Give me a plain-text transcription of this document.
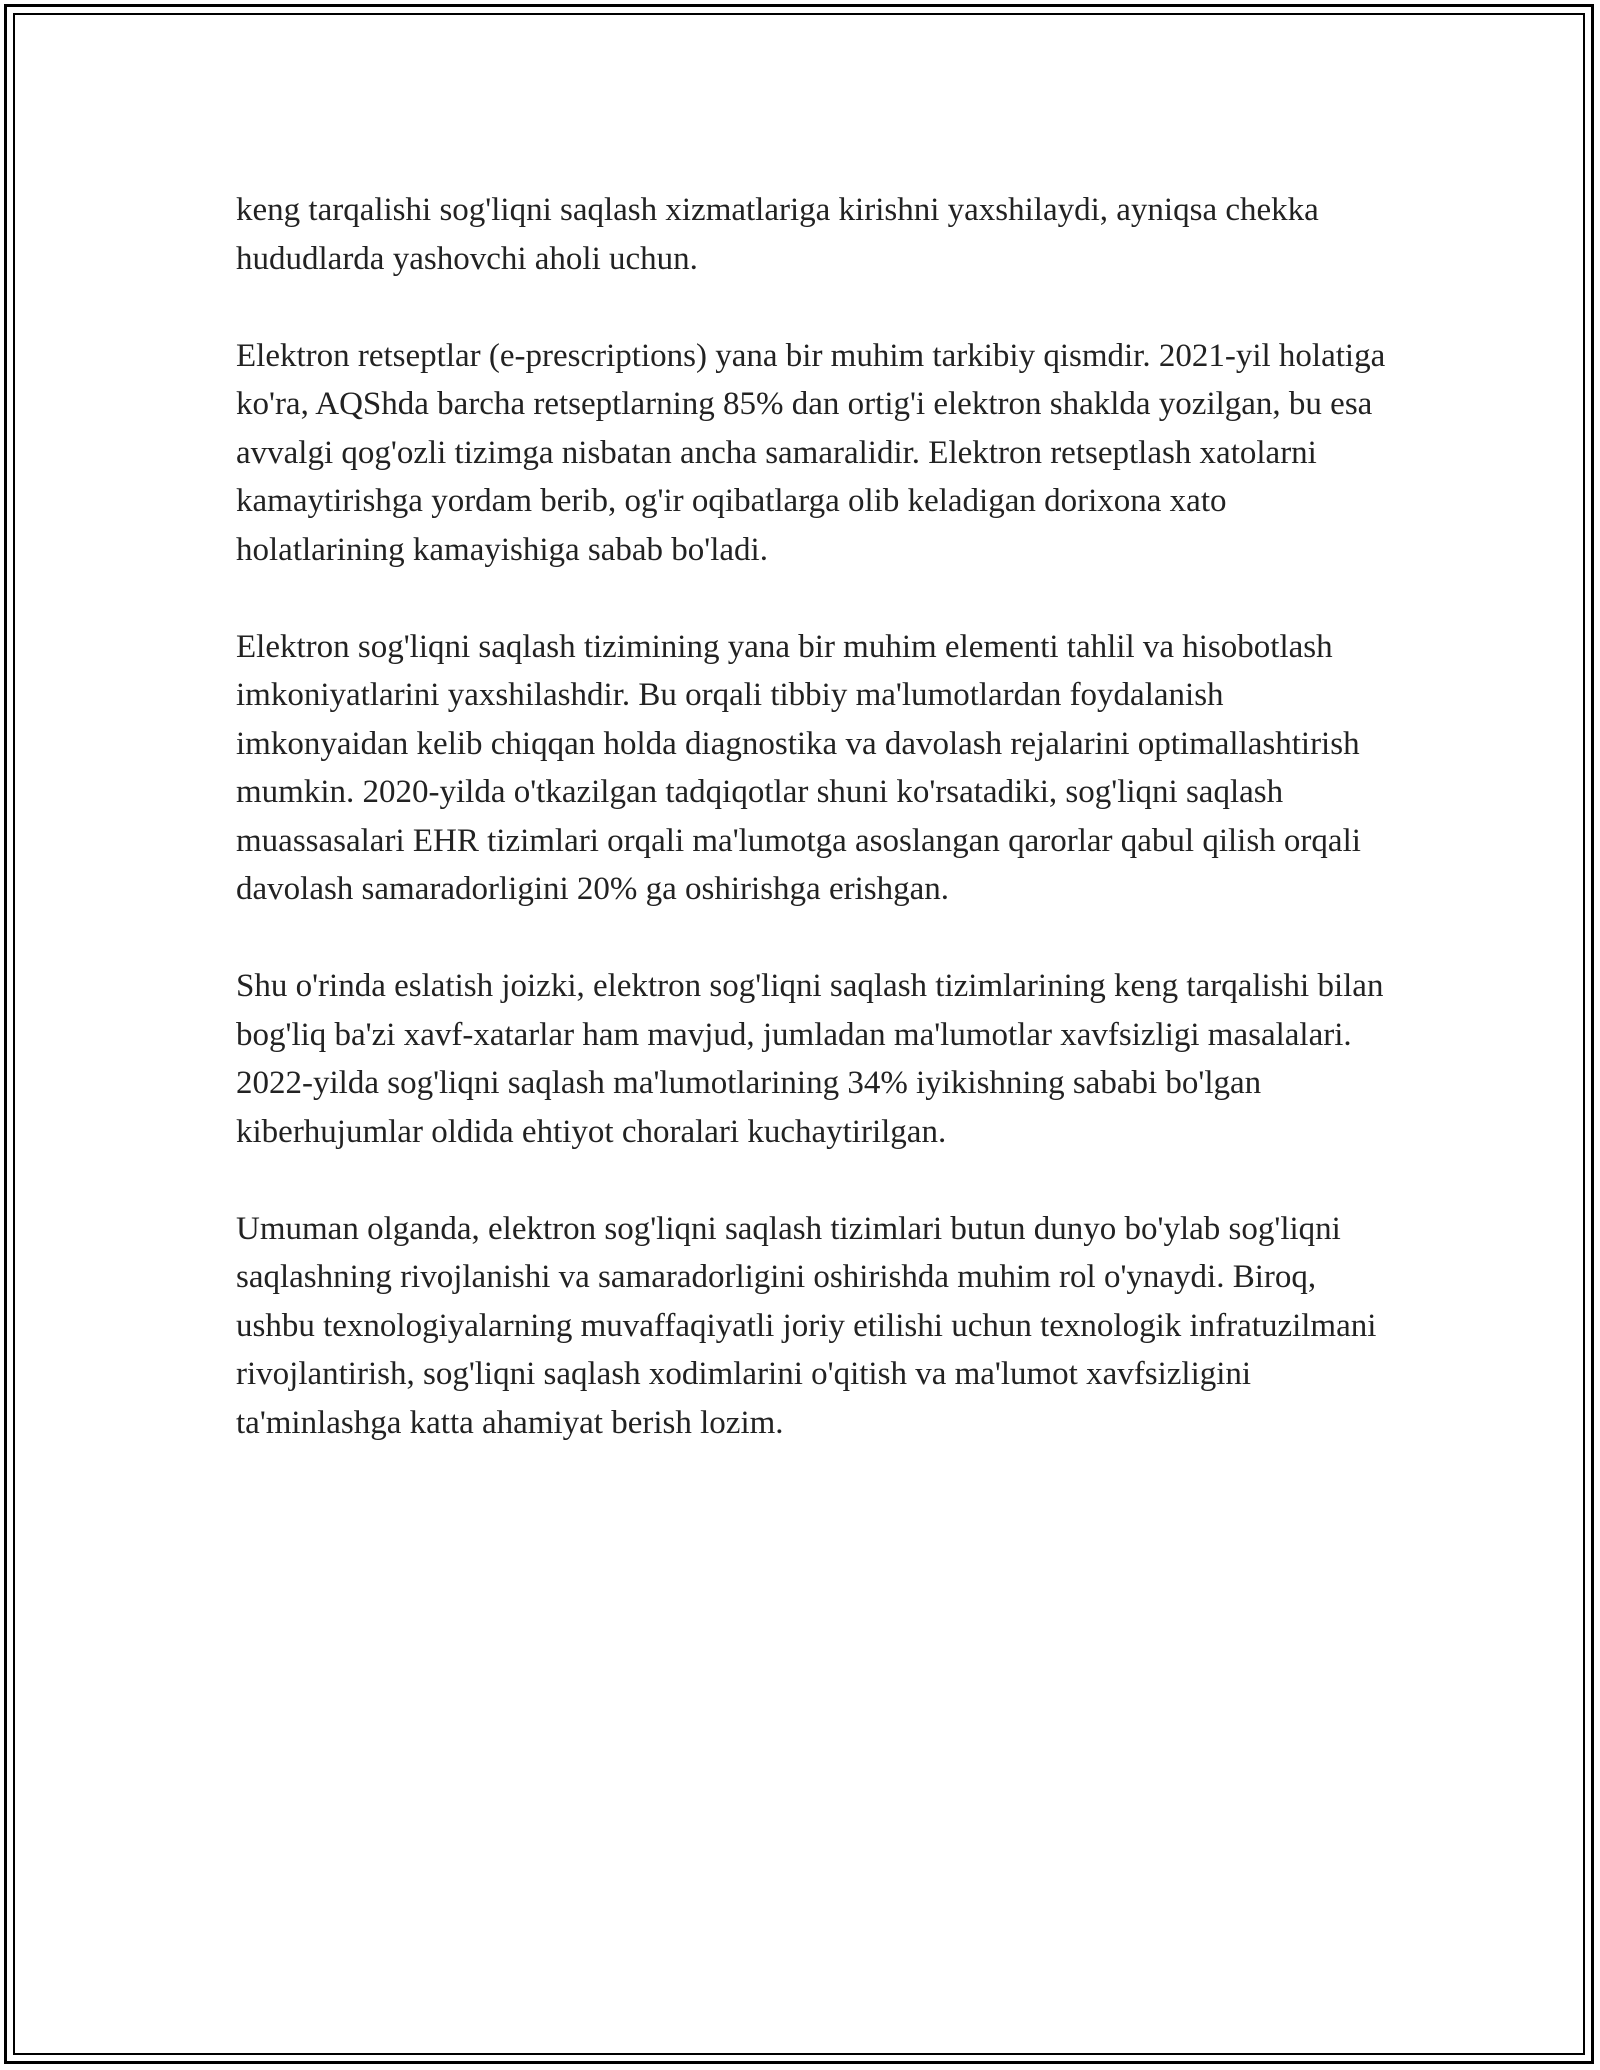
keng tarqalishi sog'liqni saqlash xizmatlariga kirishni yaxshilaydi, ayniqsa chekka hududlarda yashovchi aholi uchun.

Elektron retseptlar (e-prescriptions) yana bir muhim tarkibiy qismdir. 2021-yil holatiga ko'ra, AQShda barcha retseptlarning 85% dan ortig'i elektron shaklda yozilgan, bu esa avvalgi qog'ozli tizimga nisbatan ancha samaralidir. Elektron retseptlash xatolarni kamaytirishga yordam berib, og'ir oqibatlarga olib keladigan dorixona xato holatlarining kamayishiga sabab bo'ladi.

Elektron sog'liqni saqlash tizimining yana bir muhim elementi tahlil va hisobotlash imkoniyatlarini yaxshilashdir. Bu orqali tibbiy ma'lumotlardan foydalanish imkonyaidan kelib chiqqan holda diagnostika va davolash rejalarini optimallashtirish mumkin. 2020-yilda o'tkazilgan tadqiqotlar shuni ko'rsatadiki, sog'liqni saqlash muassasalari EHR tizimlari orqali ma'lumotga asoslangan qarorlar qabul qilish orqali davolash samaradorligini 20% ga oshirishga erishgan.

Shu o'rinda eslatish joizki, elektron sog'liqni saqlash tizimlarining keng tarqalishi bilan bog'liq ba'zi xavf-xatarlar ham mavjud, jumladan ma'lumotlar xavfsizligi masalalari. 2022-yilda sog'liqni saqlash ma'lumotlarining 34% iyikishning sababi bo'lgan kiberhujumlar oldida ehtiyot choralari kuchaytirilgan.

Umuman olganda, elektron sog'liqni saqlash tizimlari butun dunyo bo'ylab sog'liqni saqlashning rivojlanishi va samaradorligini oshirishda muhim rol o'ynaydi. Biroq, ushbu texnologiyalarning muvaffaqiyatli joriy etilishi uchun texnologik infratuzilmani rivojlantirish, sog'liqni saqlash xodimlarini o'qitish va ma'lumot xavfsizligini ta'minlashga katta ahamiyat berish lozim.
